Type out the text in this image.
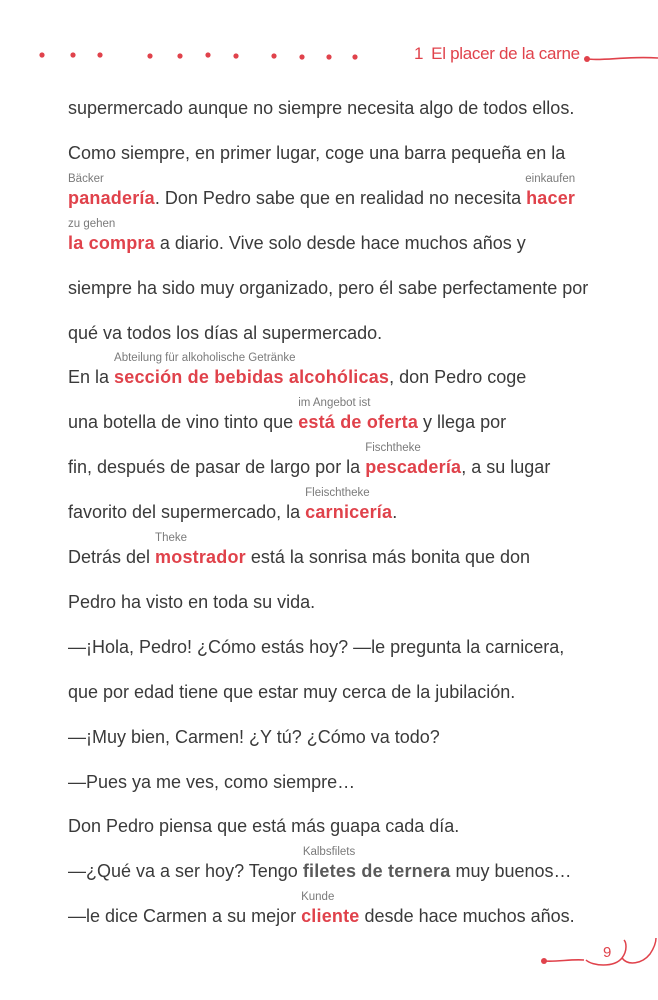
1 El placer de la carne
supermercado aunque no siempre necesita algo de todos ellos.
Como siempre, en primer lugar, coge una barra pequeña en la
panadería
Bäcker
. Don Pedro sabe que en realidad no necesita hacer
einkaufen
la compra
zu gehen
a diario. Vive solo desde hace muchos años y
siempre ha sido muy organizado, pero él sabe perfectamente por
qué va todos los días al supermercado.
En la sección de bebidas alcohólicas
Abteilung für alkoholische Getränke
, don Pedro coge
una botella de vino tinto que está de oferta
im Angebot ist
y llega por
fin, después de pasar de largo por la pescadería
Fischtheke
, a su lugar
favorito del supermercado, la carnicería
Fleischtheke
.
Detrás del mostrador
Theke
está la sonrisa más bonita que don
Pedro ha visto en toda su vida.
—¡Hola, Pedro! ¿Cómo estás hoy? —le pregunta la carnicera,
que por edad tiene que estar muy cerca de la jubilación.
—¡Muy bien, Carmen! ¿Y tú? ¿Cómo va todo?
—Pues ya me ves, como siempre…
Don Pedro piensa que está más guapa cada día.
—¿Qué va a ser hoy? Tengo filetes de ternera
Kalbsfilets
muy buenos…
—le dice Carmen a su mejor cliente
Kunde
desde hace muchos años.
9
